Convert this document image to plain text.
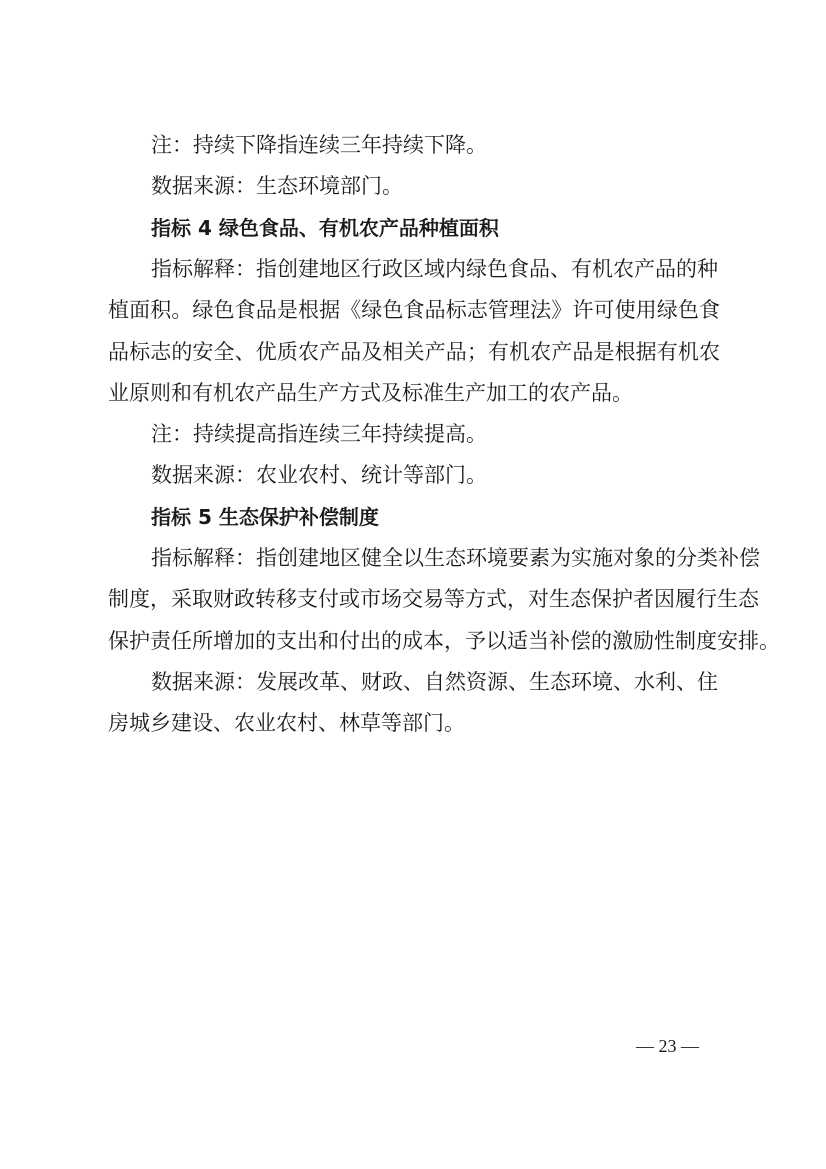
注：持续下降指连续三年持续下降。
数据来源：生态环境部门。
指标 4 绿色食品、有机农产品种植面积
指标解释：指创建地区行政区域内绿色食品、有机农产品的种
植面积。绿色食品是根据《绿色食品标志管理法》许可使用绿色食
品标志的安全、优质农产品及相关产品；有机农产品是根据有机农
业原则和有机农产品生产方式及标准生产加工的农产品。
注：持续提高指连续三年持续提高。
数据来源：农业农村、统计等部门。
指标 5 生态保护补偿制度
指标解释：指创建地区健全以生态环境要素为实施对象的分类补偿
制度，采取财政转移支付或市场交易等方式，对生态保护者因履行生态
保护责任所增加的支出和付出的成本，予以适当补偿的激励性制度安排。
数据来源：发展改革、财政、自然资源、生态环境、水利、住
房城乡建设、农业农村、林草等部门。
— 23 —
